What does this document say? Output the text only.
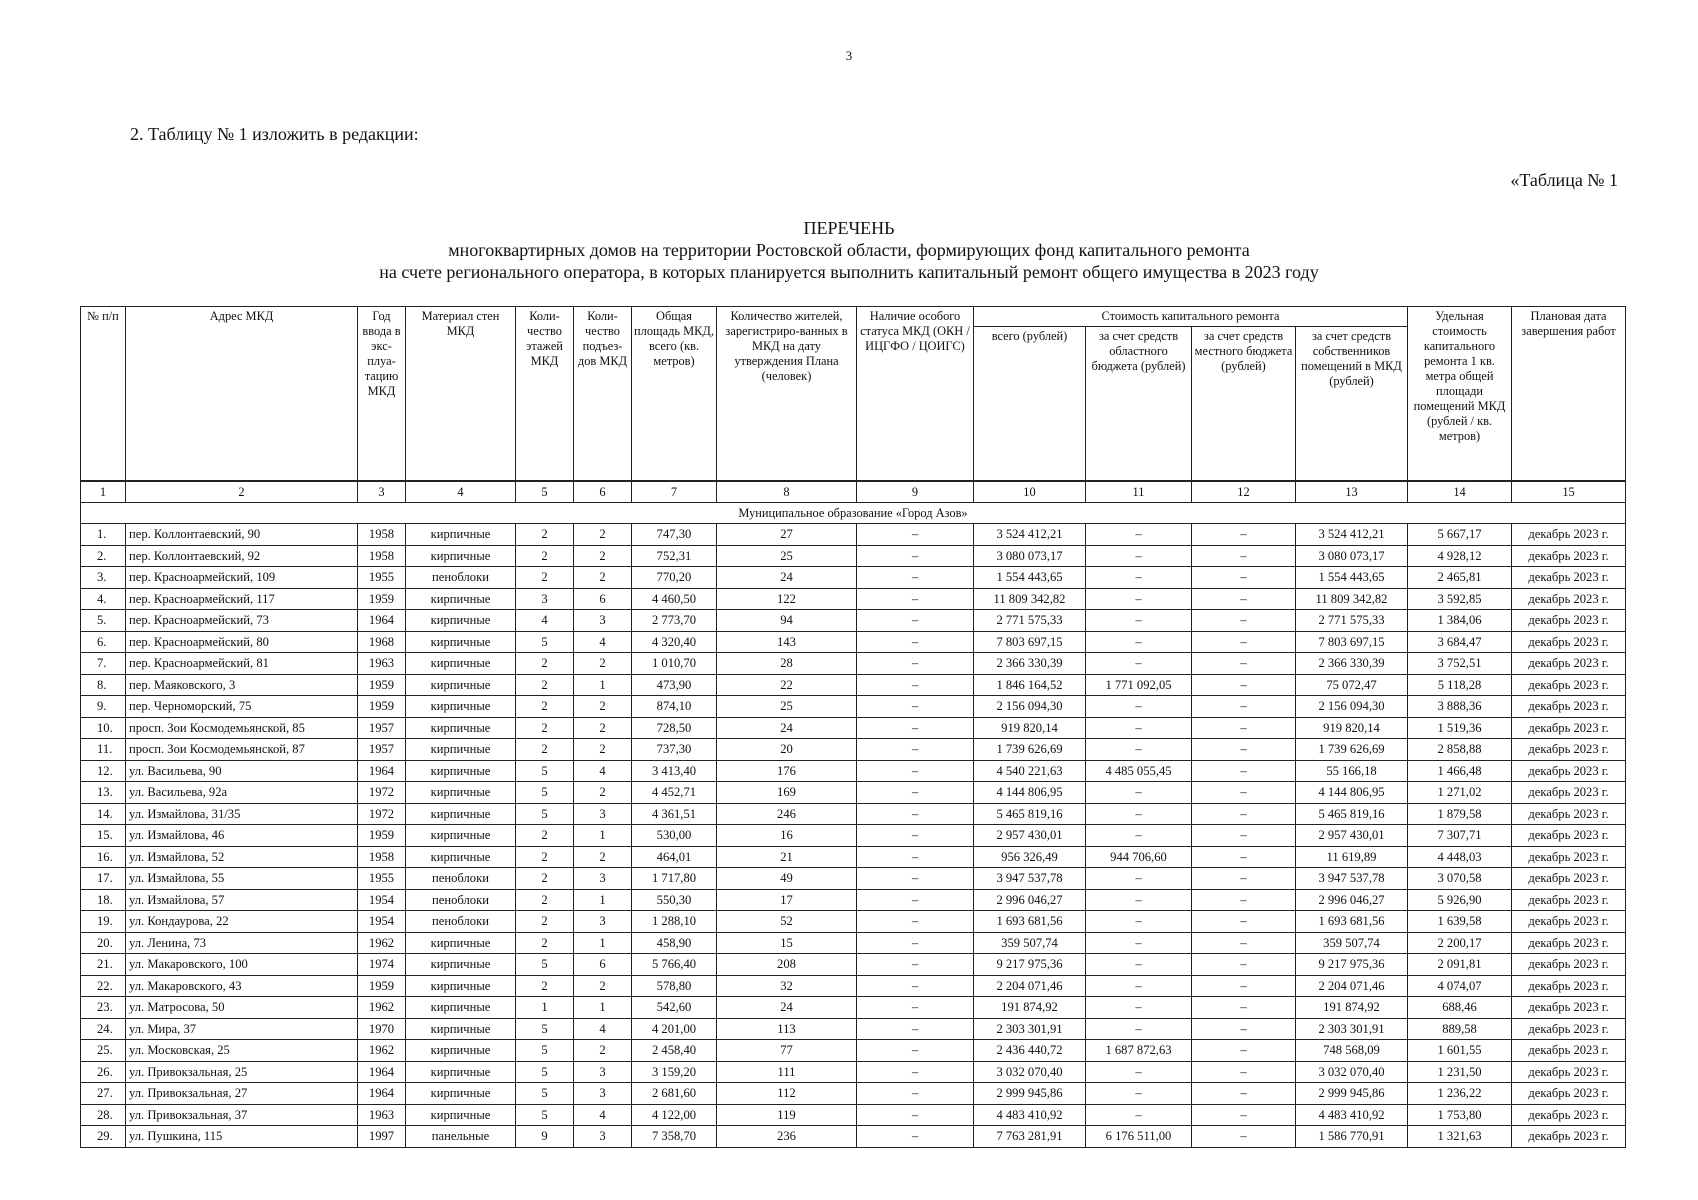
3
2. Таблицу № 1 изложить в редакции:
«Таблица № 1
ПЕРЕЧЕНЬ
многоквартирных домов на территории Ростовской области, формирующих фонд капитального ремонта
на счете регионального оператора, в которых планируется выполнить капитальный ремонт общего имущества в 2023 году
№ п/п	Адрес МКД	Год ввода в экс-плуа-тацию МКД	Материал стен МКД	Коли-чество этажей МКД	Коли-чество подъез-дов МКД	Общая площадь МКД, всего (кв. метров)	Количество жителей, зарегистриро-ванных в МКД на дату утверждения Плана (человек)	Наличие особого статуса МКД (ОКН / ИЦГФО / ЦОИГС)	Стоимость капитального ремонта				Удельная стоимость капитального ремонта 1 кв. метра общей площади помещений МКД (рублей / кв. метров)	Плановая дата завершения работ
									всего (рублей)	за счет средств областного бюджета (рублей)	за счет средств местного бюджета (рублей)	за счет средств собственников помещений в МКД (рублей)		
1	2	3	4	5	6	7	8	9	10	11	12	13	14	15
Муниципальное образование «Город Азов»														
1.	пер. Коллонтаевский, 90	1958	кирпичные	2	2	747,30	27	–	3 524 412,21	–	–	3 524 412,21	5 667,17	декабрь 2023 г.
2.	пер. Коллонтаевский, 92	1958	кирпичные	2	2	752,31	25	–	3 080 073,17	–	–	3 080 073,17	4 928,12	декабрь 2023 г.
3.	пер. Красноармейский, 109	1955	пеноблоки	2	2	770,20	24	–	1 554 443,65	–	–	1 554 443,65	2 465,81	декабрь 2023 г.
4.	пер. Красноармейский, 117	1959	кирпичные	3	6	4 460,50	122	–	11 809 342,82	–	–	11 809 342,82	3 592,85	декабрь 2023 г.
5.	пер. Красноармейский, 73	1964	кирпичные	4	3	2 773,70	94	–	2 771 575,33	–	–	2 771 575,33	1 384,06	декабрь 2023 г.
6.	пер. Красноармейский, 80	1968	кирпичные	5	4	4 320,40	143	–	7 803 697,15	–	–	7 803 697,15	3 684,47	декабрь 2023 г.
7.	пер. Красноармейский, 81	1963	кирпичные	2	2	1 010,70	28	–	2 366 330,39	–	–	2 366 330,39	3 752,51	декабрь 2023 г.
8.	пер. Маяковского, 3	1959	кирпичные	2	1	473,90	22	–	1 846 164,52	1 771 092,05	–	75 072,47	5 118,28	декабрь 2023 г.
9.	пер. Черноморский, 75	1959	кирпичные	2	2	874,10	25	–	2 156 094,30	–	–	2 156 094,30	3 888,36	декабрь 2023 г.
10.	просп. Зои Космодемьянской, 85	1957	кирпичные	2	2	728,50	24	–	919 820,14	–	–	919 820,14	1 519,36	декабрь 2023 г.
11.	просп. Зои Космодемьянской, 87	1957	кирпичные	2	2	737,30	20	–	1 739 626,69	–	–	1 739 626,69	2 858,88	декабрь 2023 г.
12.	ул. Васильева, 90	1964	кирпичные	5	4	3 413,40	176	–	4 540 221,63	4 485 055,45	–	55 166,18	1 466,48	декабрь 2023 г.
13.	ул. Васильева, 92а	1972	кирпичные	5	2	4 452,71	169	–	4 144 806,95	–	–	4 144 806,95	1 271,02	декабрь 2023 г.
14.	ул. Измайлова, 31/35	1972	кирпичные	5	3	4 361,51	246	–	5 465 819,16	–	–	5 465 819,16	1 879,58	декабрь 2023 г.
15.	ул. Измайлова, 46	1959	кирпичные	2	1	530,00	16	–	2 957 430,01	–	–	2 957 430,01	7 307,71	декабрь 2023 г.
16.	ул. Измайлова, 52	1958	кирпичные	2	2	464,01	21	–	956 326,49	944 706,60	–	11 619,89	4 448,03	декабрь 2023 г.
17.	ул. Измайлова, 55	1955	пеноблоки	2	3	1 717,80	49	–	3 947 537,78	–	–	3 947 537,78	3 070,58	декабрь 2023 г.
18.	ул. Измайлова, 57	1954	пеноблоки	2	1	550,30	17	–	2 996 046,27	–	–	2 996 046,27	5 926,90	декабрь 2023 г.
19.	ул. Кондаурова, 22	1954	пеноблоки	2	3	1 288,10	52	–	1 693 681,56	–	–	1 693 681,56	1 639,58	декабрь 2023 г.
20.	ул. Ленина, 73	1962	кирпичные	2	1	458,90	15	–	359 507,74	–	–	359 507,74	2 200,17	декабрь 2023 г.
21.	ул. Макаровского, 100	1974	кирпичные	5	6	5 766,40	208	–	9 217 975,36	–	–	9 217 975,36	2 091,81	декабрь 2023 г.
22.	ул. Макаровского, 43	1959	кирпичные	2	2	578,80	32	–	2 204 071,46	–	–	2 204 071,46	4 074,07	декабрь 2023 г.
23.	ул. Матросова, 50	1962	кирпичные	1	1	542,60	24	–	191 874,92	–	–	191 874,92	688,46	декабрь 2023 г.
24.	ул. Мира, 37	1970	кирпичные	5	4	4 201,00	113	–	2 303 301,91	–	–	2 303 301,91	889,58	декабрь 2023 г.
25.	ул. Московская, 25	1962	кирпичные	5	2	2 458,40	77	–	2 436 440,72	1 687 872,63	–	748 568,09	1 601,55	декабрь 2023 г.
26.	ул. Привокзальная, 25	1964	кирпичные	5	3	3 159,20	111	–	3 032 070,40	–	–	3 032 070,40	1 231,50	декабрь 2023 г.
27.	ул. Привокзальная, 27	1964	кирпичные	5	3	2 681,60	112	–	2 999 945,86	–	–	2 999 945,86	1 236,22	декабрь 2023 г.
28.	ул. Привокзальная, 37	1963	кирпичные	5	4	4 122,00	119	–	4 483 410,92	–	–	4 483 410,92	1 753,80	декабрь 2023 г.
29.	ул. Пушкина, 115	1997	панельные	9	3	7 358,70	236	–	7 763 281,91	6 176 511,00	–	1 586 770,91	1 321,63	декабрь 2023 г.
